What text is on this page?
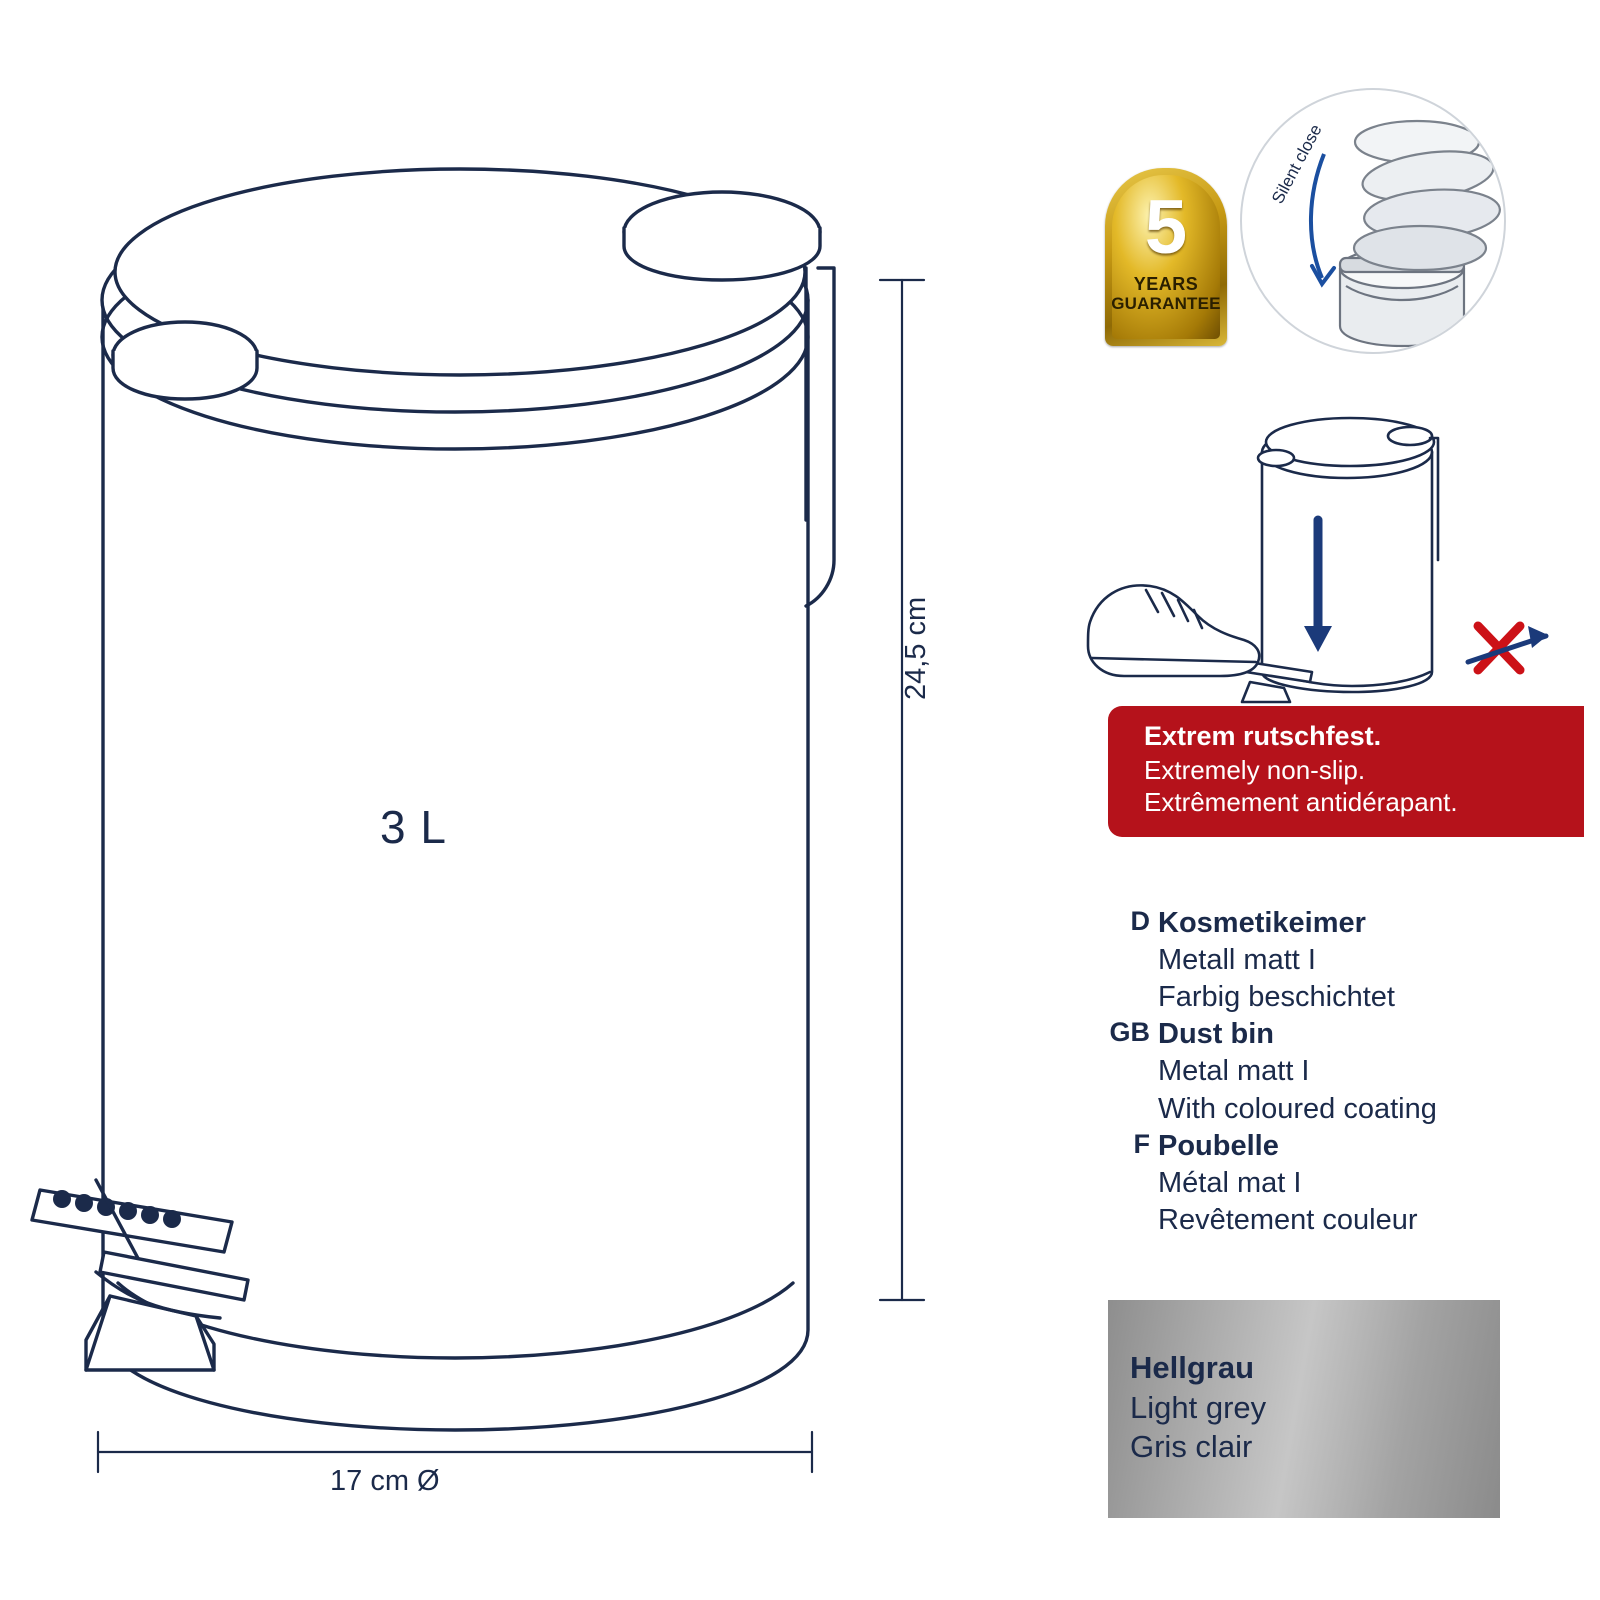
3 L
24,5 cm
17 cm Ø
5
YEARS
GUARANTEE
Silent close
Extrem rutschfest.
Extremely non-slip.
Extrêmement antidérapant.
D Kosmetikeimer
Metall matt I
Farbig beschichtet
GB Dust bin
Metal matt I
With coloured coating
F Poubelle
Métal mat I
Revêtement couleur
Hellgrau
Light grey
Gris clair
